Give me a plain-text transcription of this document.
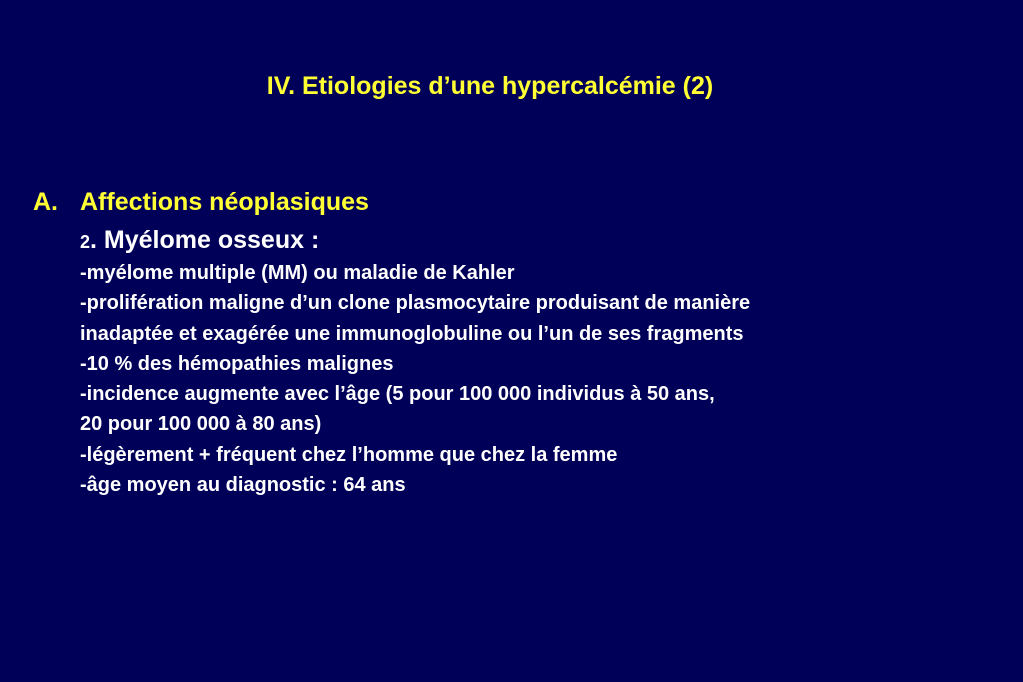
IV. Etiologies d’une hypercalcémie (2)
A. Affections néoplasiques
2. Myélome osseux :
-myélome multiple (MM) ou maladie de Kahler
-prolifération maligne d’un clone plasmocytaire produisant de manière
inadaptée et exagérée une immunoglobuline ou l’un de ses fragments
-10 % des hémopathies malignes
-incidence augmente avec l’âge (5 pour 100 000 individus à 50 ans,
20 pour 100 000 à 80 ans)
-légèrement + fréquent chez l’homme que chez la femme
-âge moyen au diagnostic : 64 ans
